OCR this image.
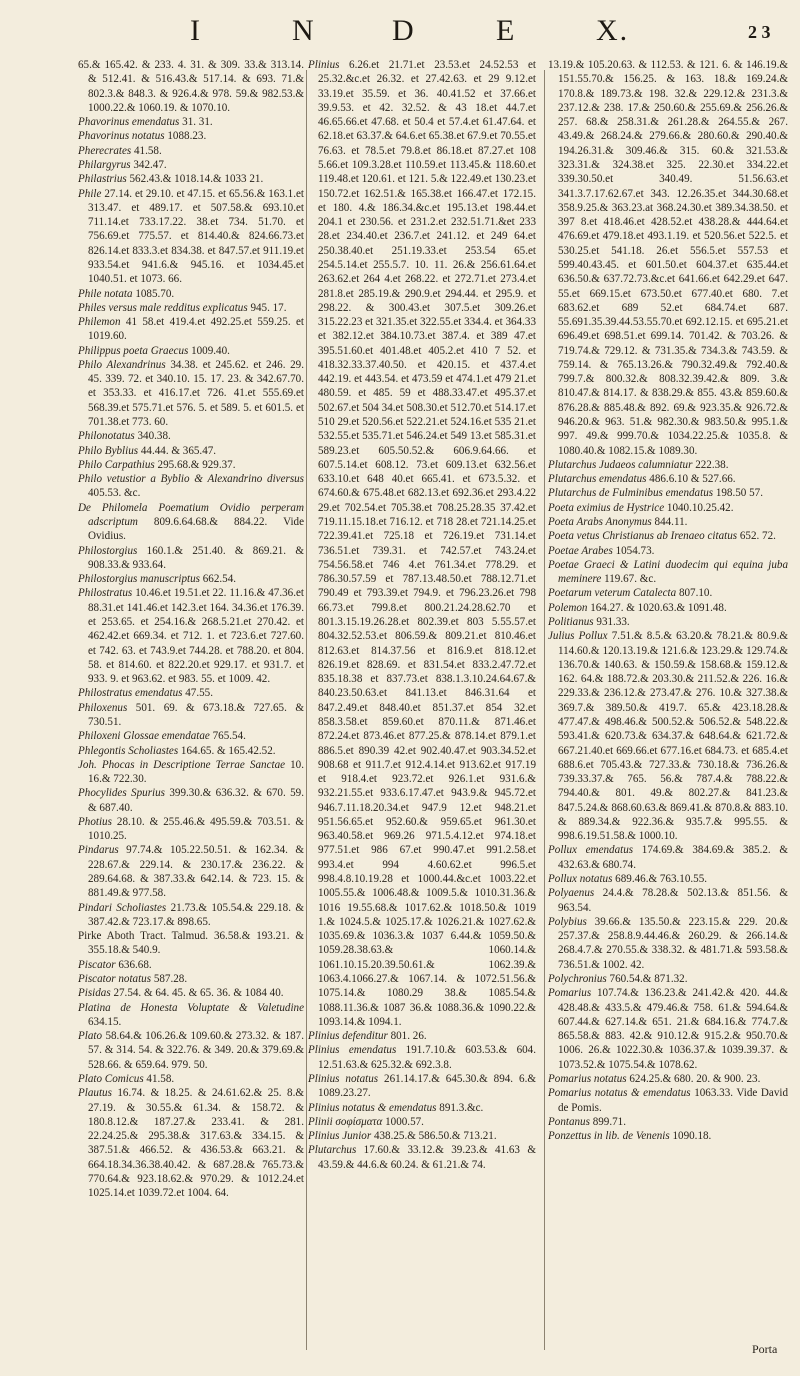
I	N	D	E	X.	2 3

65.& 165.42. & 233. 4. 31. & 309. 33.& 313.14. & 512.41. & 516.43.& 517.14. & 693. 71.& 802.3.& 848.3. & 926.4.& 978. 59.& 982.53.& 1000.22.& 1060.19. & 1070.10.

Phavorinus emendatus 31. 31.

Phavorinus notatus 1088.23.

Pherecrates 41.58.

Philargyrus 342.47.

Philastrius 562.43.& 1018.14.& 1033 21.

Phile 27.14. et 29.10. et 47.15. et 65.56.& 163.1.et 313.47. et 489.17. et 507.58.& 693.10.et 711.14.et 733.17.22. 38.et 734. 51.70. et 756.69.et 775.57. et 814.40.& 824.66.73.et 826.14.et 833.3.et 834.38. et 847.57.et 911.19.et 933.54.et 941.6.& 945.16. et 1034.45.et 1040.51. et 1073. 66.

Phile notata 1085.70.

Philes versus male redditus explicatus 945. 17.

Philemon 41 58.et 419.4.et 492.25.et 559.25. et 1019.60.

Philippus poeta Graecus 1009.40.

Philo Alexandrinus 34.38. et 245.62. et 246. 29. 45. 339. 72. et 340.10. 15. 17. 23. & 342.67.70. et 353.33. et 416.17.et 726. 41.et 555.69.et 568.39.et 575.71.et 576. 5. et 589. 5. et 601.5. et 701.38.et 773. 60.

Philonotatus 340.38.

Philo Byblius 44.44. & 365.47.

Philo Carpathius 295.68.& 929.37.

Philo vetustior a Byblio & Alexandrino diversus 405.53. &c.

De Philomela Poematium Ovidio perperam adscriptum 809.6.64.68.& 884.22. Vide Ovidius.

Philostorgius 160.1.& 251.40. & 869.21. & 908.33.& 933.64.

Philostorgius manuscriptus 662.54.

Philostratus 10.46.et 19.51.et 22. 11.16.& 47.36.et 88.31.et 141.46.et 142.3.et 164. 34.36.et 176.39. et 253.65. et 254.16.& 268.5.21.et 270.42. et 462.42.et 669.34. et 712. 1. et 723.6.et 727.60. et 742. 63. et 743.9.et 744.28. et 788.20. et 804. 58. et 814.60. et 822.20.et 929.17. et 931.7. et 933. 9. et 963.62. et 983. 55. et 1009. 42.

Philostratus emendatus 47.55.

Philoxenus 501. 69. & 673.18.& 727.65. & 730.51.

Philoxeni Glossae emendatae 765.54.

Phlegontis Scholiastes 164.65. & 165.42.52.

Joh. Phocas in Descriptione Terrae Sanctae 10. 16.& 722.30.

Phocylides Spurius 399.30.& 636.32. & 670. 59. & 687.40.

Photius 28.10. & 255.46.& 495.59.& 703.51. & 1010.25.

Pindarus 97.74.& 105.22.50.51. & 162.34. & 228.67.& 229.14. & 230.17.& 236.22. & 289.64.68. & 387.33.& 642.14. & 723. 15. & 881.49.& 977.58.

Pindari Scholiastes 21.73.& 105.54.& 229.18. & 387.42.& 723.17.& 898.65.

Pirke Aboth Tract. Talmud. 36.58.& 193.21. & 355.18.& 540.9.

Piscator 636.68.

Piscator notatus 587.28.

Pisidas 27.54. & 64. 45. & 65. 36. & 1084 40.

Platina de Honesta Voluptate & Valetudine 634.15.

Plato 58.64.& 106.26.& 109.60.& 273.32. & 187. 57. & 314. 54. & 322.76. & 349. 20.& 379.69.& 528.66. & 659.64. 979. 50.

Plato Comicus 41.58.

Plautus 16.74. & 18.25. & 24.61.62.& 25. 8.& 27.19. & 30.55.& 61.34. & 158.72. & 180.8.12.& 187.27.& 233.41. & 281. 22.24.25.& 295.38.& 317.63.& 334.15. & 387.51.& 466.52. & 436.53.& 663.21. & 664.18.34.36.38.40.42. & 687.28.& 765.73.& 770.64.& 923.18.62.& 970.29. & 1012.24.et 1025.14.et 1039.72.et 1004. 64.

Plinius 6.26.et 21.71.et 23.53.et 24.52.53 et 25.32.&c.et 26.32. et 27.42.63. et 29 9.12.et 33.19.et 35.59. et 36. 40.41.52 et 37.66.et 39.9.53. et 42. 32.52. & 43 18.et 44.7.et 46.65.66.et 47.68. et 50.4 et 57.4.et 61.47.64. et 62.18.et 63.37.& 64.6.et 65.38.et 67.9.et 70.55.et 76.63. et 78.5.et 79.8.et 86.18.et 87.27.et 108 5.66.et 109.3.28.et 110.59.et 113.45.& 118.60.et 119.48.et 120.61. et 121. 5.& 122.49.et 130.23.et 150.72.et 162.51.& 165.38.et 166.47.et 172.15. et 180. 4.& 186.34.&c.et 195.13.et 198.44.et 204.1 et 230.56. et 231.2.et 232.51.71.&et 233 28.et 234.40.et 236.7.et 241.12. et 249 64.et 250.38.40.et 251.19.33.et 253.54 65.et 254.5.14.et 255.5.7. 10. 11. 26.& 256.61.64.et 263.62.et 264 4.et 268.22. et 272.71.et 273.4.et 281.8.et 285.19.& 290.9.et 294.44. et 295.9. et 298.22. & 300.43.et 307.5.et 309.26.et 315.22.23 et 321.35.et 322.55.et 334.4. et 364.33 et 382.12.et 384.10.73.et 387.4. et 389 47.et 395.51.60.et 401.48.et 405.2.et 410 7 52. et 418.32.33.37.40.50. et 420.15. et 437.4.et 442.19. et 443.54. et 473.59 et 474.1.et 479 21.et 480.59. et 485. 59 et 488.33.47.et 495.37.et 502.67.et 504 34.et 508.30.et 512.70.et 514.17.et 510 29.et 520.56.et 522.21.et 524.16.et 535 21.et 532.55.et 535.71.et 546.24.et 549 13.et 585.31.et 589.23.et 605.50.52.& 606.9.64.66. et 607.5.14.et 608.12. 73.et 609.13.et 632.56.et 633.10.et 648 40.et 665.41. et 673.5.32. et 674.60.& 675.48.et 682.13.et 692.36.et 293.4.22 29.et 702.54.et 705.38.et 708.25.28.35 37.42.et 719.11.15.18.et 716.12. et 718 28.et 721.14.25.et 722.39.41.et 725.18 et 726.19.et 731.14.et 736.51.et 739.31. et 742.57.et 743.24.et 754.56.58.et 746 4.et 761.34.et 778.29. et 786.30.57.59 et 787.13.48.50.et 788.12.71.et 790.49 et 793.39.et 794.9. et 796.23.26.et 798 66.73.et 799.8.et 800.21.24.28.62.70 et 801.3.15.19.26.28.et 802.39.et 803 5.55.57.et 804.32.52.53.et 806.59.& 809.21.et 810.46.et 812.63.et 814.37.56 et 816.9.et 818.12.et 826.19.et 828.69. et 831.54.et 833.2.47.72.et 835.18.38 et 837.73.et 838.1.3.10.24.64.67.& 840.23.50.63.et 841.13.et 846.31.64 et 847.2.49.et 848.40.et 851.37.et 854 32.et 858.3.58.et 859.60.et 870.11.& 871.46.et 872.24.et 873.46.et 877.25.& 878.14.et 879.1.et 886.5.et 890.39 42.et 902.40.47.et 903.34.52.et 908.68 et 911.7.et 912.4.14.et 913.62.et 917.19 et 918.4.et 923.72.et 926.1.et 931.6.& 932.21.55.et 933.6.17.47.et 943.9.& 945.72.et 946.7.11.18.20.34.et 947.9 12.et 948.21.et 951.56.65.et 952.60.& 959.65.et 961.30.et 963.40.58.et 969.26 971.5.4.12.et 974.18.et 977.51.et 986 67.et 990.47.et 991.2.58.et 993.4.et 994 4.60.62.et 996.5.et 998.4.8.10.19.28 et 1000.44.&c.et 1003.22.et 1005.55.& 1006.48.& 1009.5.& 1010.31.36.& 1016 19.55.68.& 1017.62.& 1018.50.& 1019 1.& 1024.5.& 1025.17.& 1026.21.& 1027.62.& 1035.69.& 1036.3.& 1037 6.44.& 1059.50.& 1059.28.38.63.& 1060.14.& 1061.10.15.20.39.50.61.& 1062.39.& 1063.4.1066.27.& 1067.14. & 1072.51.56.& 1075.14.& 1080.29 38.& 1085.54.& 1088.11.36.& 1087 36.& 1088.36.& 1090.22.& 1093.14.& 1094.1.

Plinius defenditur 801. 26.

Plinius emendatus 191.7.10.& 603.53.& 604. 12.51.63.& 625.32.& 692.3.8.

Plinius notatus 261.14.17.& 645.30.& 894. 6.& 1089.23.27.

Plinius notatus & emendatus 891.3.&c.

Plinii σοφίσματα 1000.57.

Plinius Junior 438.25.& 586.50.& 713.21.

Plutarchus 17.60.& 33.12.& 39.23.& 41.63 & 43.59.& 44.6.& 60.24. & 61.21.& 74.

13.19.& 105.20.63. & 112.53. & 121. 6. & 146.19.& 151.55.70.& 156.25. & 163. 18.& 169.24.& 170.8.& 189.73.& 198. 32.& 229.12.& 231.3.& 237.12.& 238. 17.& 250.60.& 255.69.& 256.26.& 257. 68.& 258.31.& 261.28.& 264.55.& 267. 43.49.& 268.24.& 279.66.& 280.60.& 290.40.& 194.26.31.& 309.46.& 315. 60.& 321.53.& 323.31.& 324.38.et 325. 22.30.et 334.22.et 339.30.50.et 340.49. 51.56.63.et 341.3.7.17.62.67.et 343. 12.26.35.et 344.30.68.et 358.9.25.& 363.23.at 368.24.30.et 389.34.38.50. et 397 8.et 418.46.et 428.52.et 438.28.& 444.64.et 476.69.et 479.18.et 493.1.19. et 520.56.et 522.5. et 530.25.et 541.18. 26.et 556.5.et 557.53 et 599.40.43.45. et 601.50.et 604.37.et 635.44.et 636.50.& 637.72.73.&c.et 641.66.et 642.29.et 647. 55.et 669.15.et 673.50.et 677.40.et 680. 7.et 683.62.et 689 52.et 684.74.et 687. 55.691.35.39.44.53.55.70.et 692.12.15. et 695.21.et 696.49.et 698.51.et 699.14. 701.42. & 703.26. & 719.74.& 729.12. & 731.35.& 734.3.& 743.59. & 759.14. & 765.13.26.& 790.32.49.& 792.40.& 799.7.& 800.32.& 808.32.39.42.& 809. 3.& 810.47.& 814.17. & 838.29.& 855. 43.& 859.60.& 876.28.& 885.48.& 892. 69.& 923.35.& 926.72.& 946.20.& 963. 51.& 982.30.& 983.50.& 995.1.& 997. 49.& 999.70.& 1034.22.25.& 1035.8. & 1080.40.& 1082.15.& 1089.30.

Plutarchus Judaeos calumniatur 222.38.

Plutarchus emendatus 486.6.10 & 527.66.

Plutarchus de Fulminibus emendatus 198.50 57.

Poeta eximius de Hystrice 1040.10.25.42.

Poeta Arabs Anonymus 844.11.

Poeta vetus Christianus ab Irenaeo citatus 652. 72.

Poetae Arabes 1054.73.

Poetae Graeci & Latini duodecim qui equina juba meminere 119.67. &c.

Poetarum veterum Catalecta 807.10.

Polemon 164.27. & 1020.63.& 1091.48.

Politianus 931.33.

Julius Pollux 7.51.& 8.5.& 63.20.& 78.21.& 80.9.& 114.60.& 120.13.19.& 121.6.& 123.29.& 129.74.& 136.70.& 140.63. & 150.59.& 158.68.& 159.12.& 162. 64.& 188.72.& 203.30.& 211.52.& 226. 16.& 229.33.& 236.12.& 273.47.& 276. 10.& 327.38.& 369.7.& 389.50.& 419.7. 65.& 423.18.28.& 477.47.& 498.46.& 500.52.& 506.52.& 548.22.& 593.41.& 620.73.& 634.37.& 648.64.& 621.72.& 667.21.40.et 669.66.et 677.16.et 684.73. et 685.4.et 688.6.et 705.43.& 727.33.& 730.18.& 736.26.& 739.33.37.& 765. 56.& 787.4.& 788.22.& 794.40.& 801. 49.& 802.27.& 841.23.& 847.5.24.& 868.60.63.& 869.41.& 870.8.& 883.10. & 889.34.& 922.36.& 935.7.& 995.55. & 998.6.19.51.58.& 1000.10.

Pollux emendatus 174.69.& 384.69.& 385.2. & 432.63.& 680.74.

Pollux notatus 689.46.& 763.10.55.

Polyaenus 24.4.& 78.28.& 502.13.& 851.56. & 963.54.

Polybius 39.66.& 135.50.& 223.15.& 229. 20.& 257.37.& 258.8.9.44.46.& 260.29. & 266.14.& 268.4.7.& 270.55.& 338.32. & 481.71.& 593.58.& 736.51.& 1002. 42.

Polychronius 760.54.& 871.32.

Pomarius 107.74.& 136.23.& 241.42.& 420. 44.& 428.48.& 433.5.& 479.46.& 758. 61.& 594.64.& 607.44.& 627.14.& 651. 21.& 684.16.& 774.7.& 865.58.& 883. 42.& 910.12.& 915.2.& 950.70.& 1006. 26.& 1022.30.& 1036.37.& 1039.39.37. & 1073.52.& 1075.54.& 1078.62.

Pomarius notatus 624.25.& 680. 20. & 900. 23.

Pomarius notatus & emendatus 1063.33. Vide David de Pomis.

Pontanus 899.71.

Ponzettus in lib. de Venenis 1090.18.

Porta
